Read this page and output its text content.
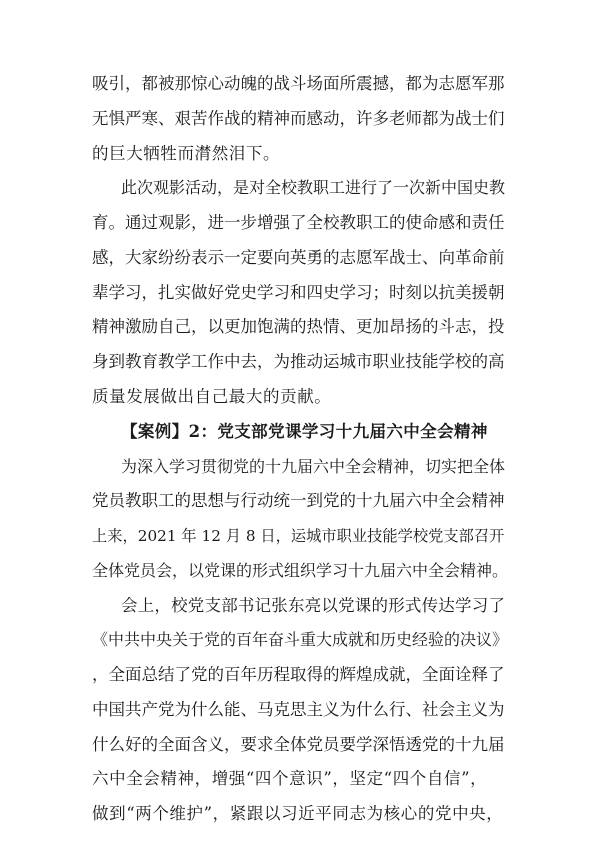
吸引，都被那惊心动魄的战斗场面所震撼，都为志愿军那
无惧严寒、艰苦作战的精神而感动，许多老师都为战士们
的巨大牺牲而潸然泪下。
此次观影活动，是对全校教职工进行了一次新中国史教
育。通过观影，进一步增强了全校教职工的使命感和责任
感，大家纷纷表示一定要向英勇的志愿军战士、向革命前
辈学习，扎实做好党史学习和四史学习；时刻以抗美援朝
精神激励自己，以更加饱满的热情、更加昂扬的斗志，投
身到教育教学工作中去，为推动运城市职业技能学校的高
质量发展做出自己最大的贡献。
【案例】2：党支部党课学习十九届六中全会精神
为深入学习贯彻党的十九届六中全会精神，切实把全体
党员教职工的思想与行动统一到党的十九届六中全会精神
上来，2021 年 12 月 8 日，运城市职业技能学校党支部召开
全体党员会，以党课的形式组织学习十九届六中全会精神。
会上，校党支部书记张东亮以党课的形式传达学习了
《中共中央关于党的百年奋斗重大成就和历史经验的决议》
，全面总结了党的百年历程取得的辉煌成就，全面诠释了
中国共产党为什么能、马克思主义为什么行、社会主义为
什么好的全面含义，要求全体党员要学深悟透党的十九届
六中全会精神，增强“四个意识”，坚定“四个自信”，
做到“两个维护”，紧跟以习近平同志为核心的党中央，
